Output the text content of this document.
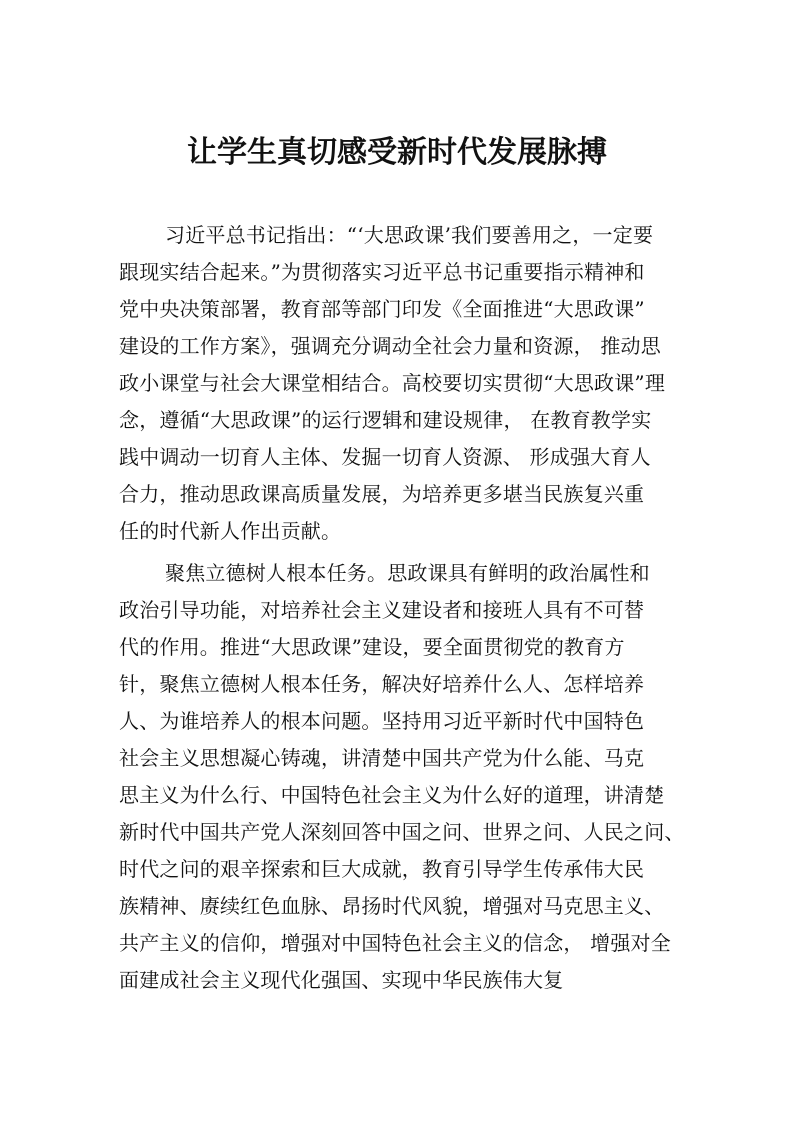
让学生真切感受新时代发展脉搏
习近平总书记指出：“‘大思政课’我们要善用之，一定要
跟现实结合起来。”为贯彻落实习近平总书记重要指示精神和
党中央决策部署，教育部等部门印发《全面推进“大思政课”
建设的工作方案》，强调充分调动全社会力量和资源， 推动思
政小课堂与社会大课堂相结合。高校要切实贯彻“大思政课”理
念，遵循“大思政课”的运行逻辑和建设规律， 在教育教学实
践中调动一切育人主体、发掘一切育人资源、 形成强大育人
合力，推动思政课高质量发展，为培养更多堪当民族复兴重
任的时代新人作出贡献。
聚焦立德树人根本任务。思政课具有鲜明的政治属性和
政治引导功能，对培养社会主义建设者和接班人具有不可替
代的作用。推进“大思政课”建设，要全面贯彻党的教育方
针，聚焦立德树人根本任务，解决好培养什么人、怎样培养
人、为谁培养人的根本问题。坚持用习近平新时代中国特色
社会主义思想凝心铸魂，讲清楚中国共产党为什么能、马克
思主义为什么行、中国特色社会主义为什么好的道理，讲清楚
新时代中国共产党人深刻回答中国之问、世界之问、人民之问、
时代之问的艰辛探索和巨大成就，教育引导学生传承伟大民
族精神、赓续红色血脉、昂扬时代风貌，增强对马克思主义、
共产主义的信仰，增强对中国特色社会主义的信念， 增强对全
面建成社会主义现代化强国、实现中华民族伟大复
